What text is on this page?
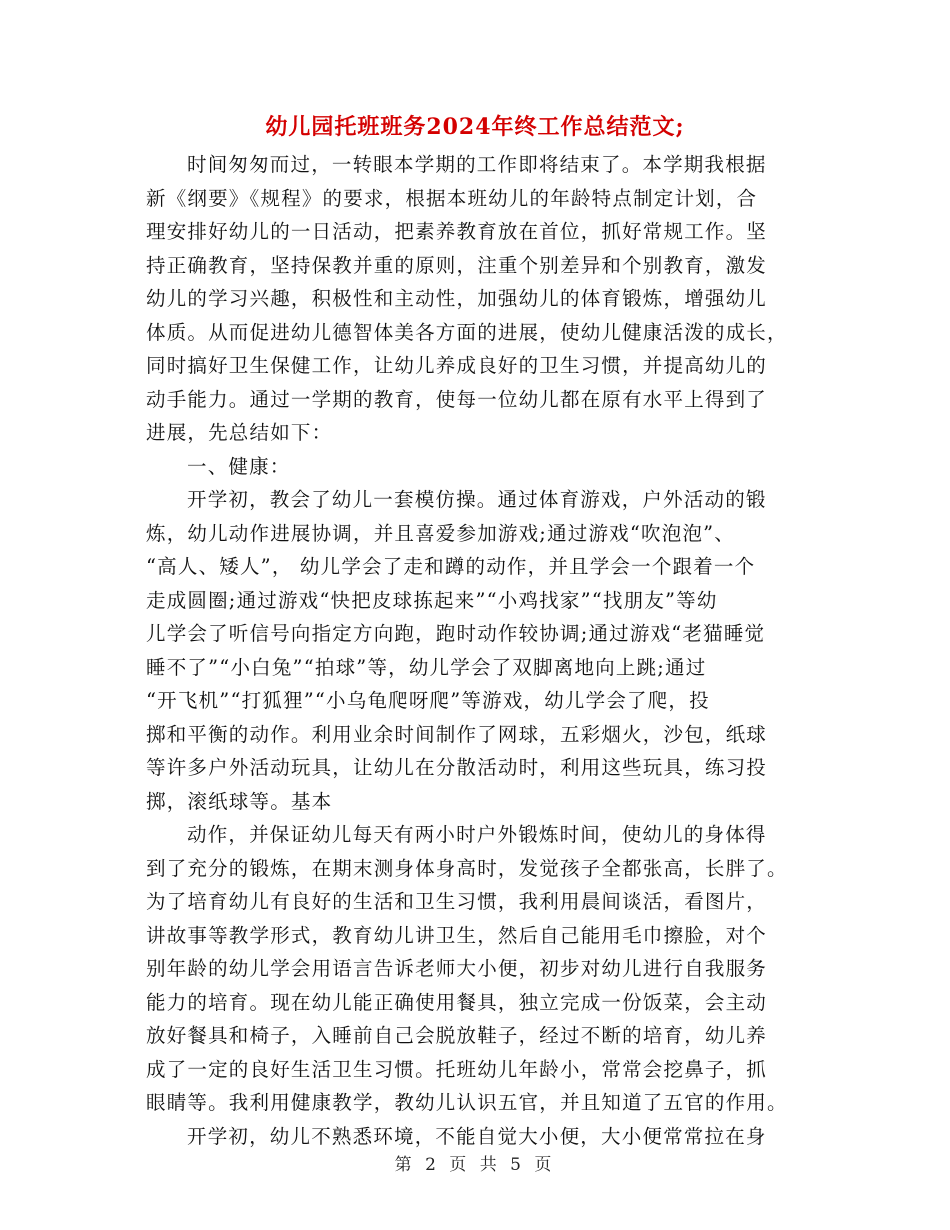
幼儿园托班班务2024年终工作总结范文;
时间匆匆而过，一转眼本学期的工作即将结束了。本学期我根据
新《纲要》《规程》的要求，根据本班幼儿的年龄特点制定计划，合
理安排好幼儿的一日活动，把素养教育放在首位，抓好常规工作。坚
持正确教育，坚持保教并重的原则，注重个别差异和个别教育，激发
幼儿的学习兴趣，积极性和主动性，加强幼儿的体育锻炼，增强幼儿
体质。从而促进幼儿德智体美各方面的进展，使幼儿健康活泼的成长，
同时搞好卫生保健工作，让幼儿养成良好的卫生习惯，并提高幼儿的
动手能力。通过一学期的教育，使每一位幼儿都在原有水平上得到了
进展，先总结如下：
一、健康：
开学初，教会了幼儿一套模仿操。通过体育游戏，户外活动的锻
炼，幼儿动作进展协调，并且喜爱参加游戏;通过游戏“吹泡泡”、
“高人、矮人”， 幼儿学会了走和蹲的动作，并且学会一个跟着一个
走成圆圈;通过游戏“快把皮球拣起来”“小鸡找家”“找朋友”等幼
儿学会了听信号向指定方向跑，跑时动作较协调;通过游戏“老猫睡觉
睡不了”“小白兔”“拍球”等，幼儿学会了双脚离地向上跳;通过
“开飞机”“打狐狸”“小乌龟爬呀爬”等游戏，幼儿学会了爬，投
掷和平衡的动作。利用业余时间制作了网球，五彩烟火，沙包，纸球
等许多户外活动玩具，让幼儿在分散活动时，利用这些玩具，练习投
掷，滚纸球等。基本
动作，并保证幼儿每天有两小时户外锻炼时间，使幼儿的身体得
到了充分的锻炼，在期末测身体身高时，发觉孩子全都张高，长胖了。
为了培育幼儿有良好的生活和卫生习惯，我利用晨间谈活，看图片，
讲故事等教学形式，教育幼儿讲卫生，然后自己能用毛巾擦脸，对个
别年龄的幼儿学会用语言告诉老师大小便，初步对幼儿进行自我服务
能力的培育。现在幼儿能正确使用餐具，独立完成一份饭菜，会主动
放好餐具和椅子，入睡前自己会脱放鞋子，经过不断的培育，幼儿养
成了一定的良好生活卫生习惯。托班幼儿年龄小，常常会挖鼻子，抓
眼睛等。我利用健康教学，教幼儿认识五官，并且知道了五官的作用。
开学初，幼儿不熟悉环境，不能自觉大小便，大小便常常拉在身
第 2 页 共 5 页
